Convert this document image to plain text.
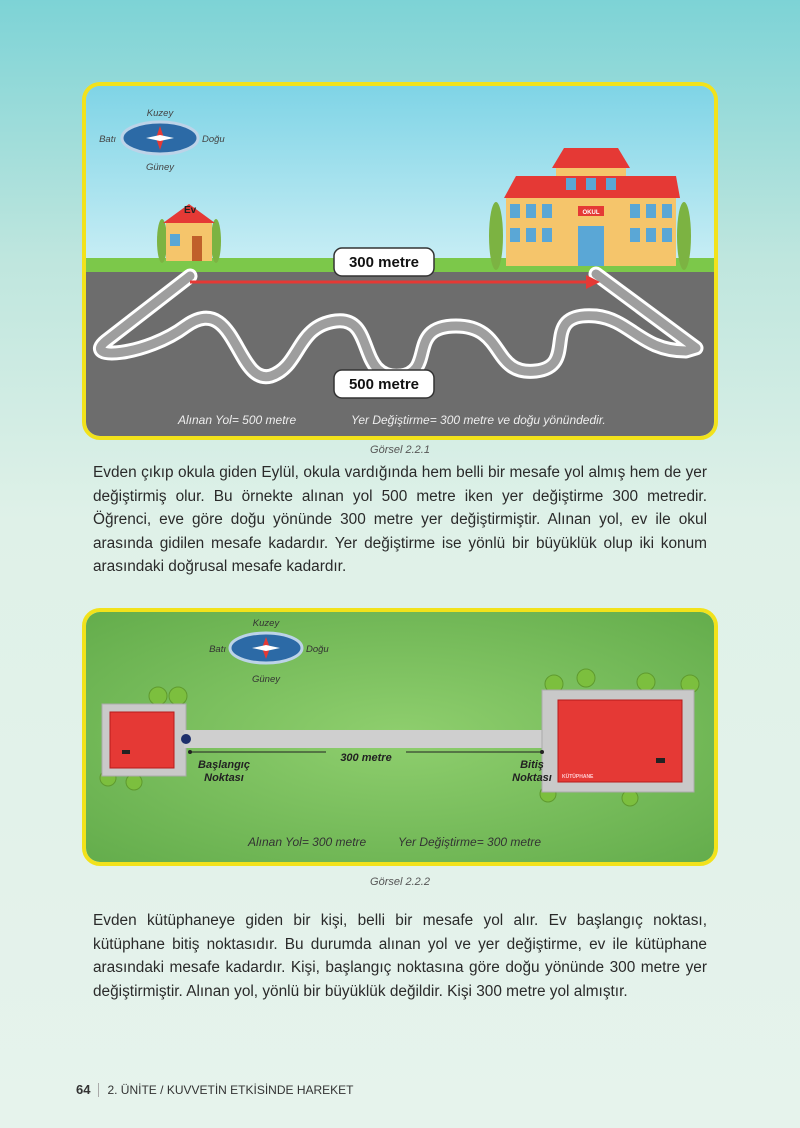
Kuzey
Batı	Doğu
Güney
Ev	OKUL
300 metre
500 metre
Alınan Yol= 500 metre	Yer Değiştirme= 300 metre ve doğu yönündedir.
Görsel 2.2.1

Evden çıkıp okula giden Eylül, okula vardığında hem belli bir mesafe yol almış hem de yer değiştirmiş olur. Bu örnekte alınan yol 500 metre iken yer değiştirme 300 metredir. Öğrenci, eve göre doğu yönünde 300 metre yer değiştirmiştir. Alınan yol, ev ile okul arasında gidilen mesafe kadardır. Yer değiştirme ise yönlü bir büyüklük olup iki konum arasındaki doğrusal mesafe kadardır.

Kuzey
Batı	Doğu
Güney
KÜTÜPHANE
300 metre
Başlangıç
Noktası
Bitiş
Noktası
Alınan Yol= 300 metre	Yer Değiştirme= 300 metre
Görsel 2.2.2

Evden kütüphaneye giden bir kişi, belli bir mesafe yol alır. Ev başlangıç noktası, kütüphane bitiş noktasıdır. Bu durumda alınan yol ve yer değiştirme, ev ile kütüphane arasındaki mesafe kadardır. Kişi, başlangıç noktasına göre doğu yönünde 300 metre yer değiştirmiştir. Alınan yol, yönlü bir büyüklük değildir. Kişi 300 metre yol almıştır.

64 2. ÜNİTE / KUVVETİN ETKİSİNDE HAREKET
